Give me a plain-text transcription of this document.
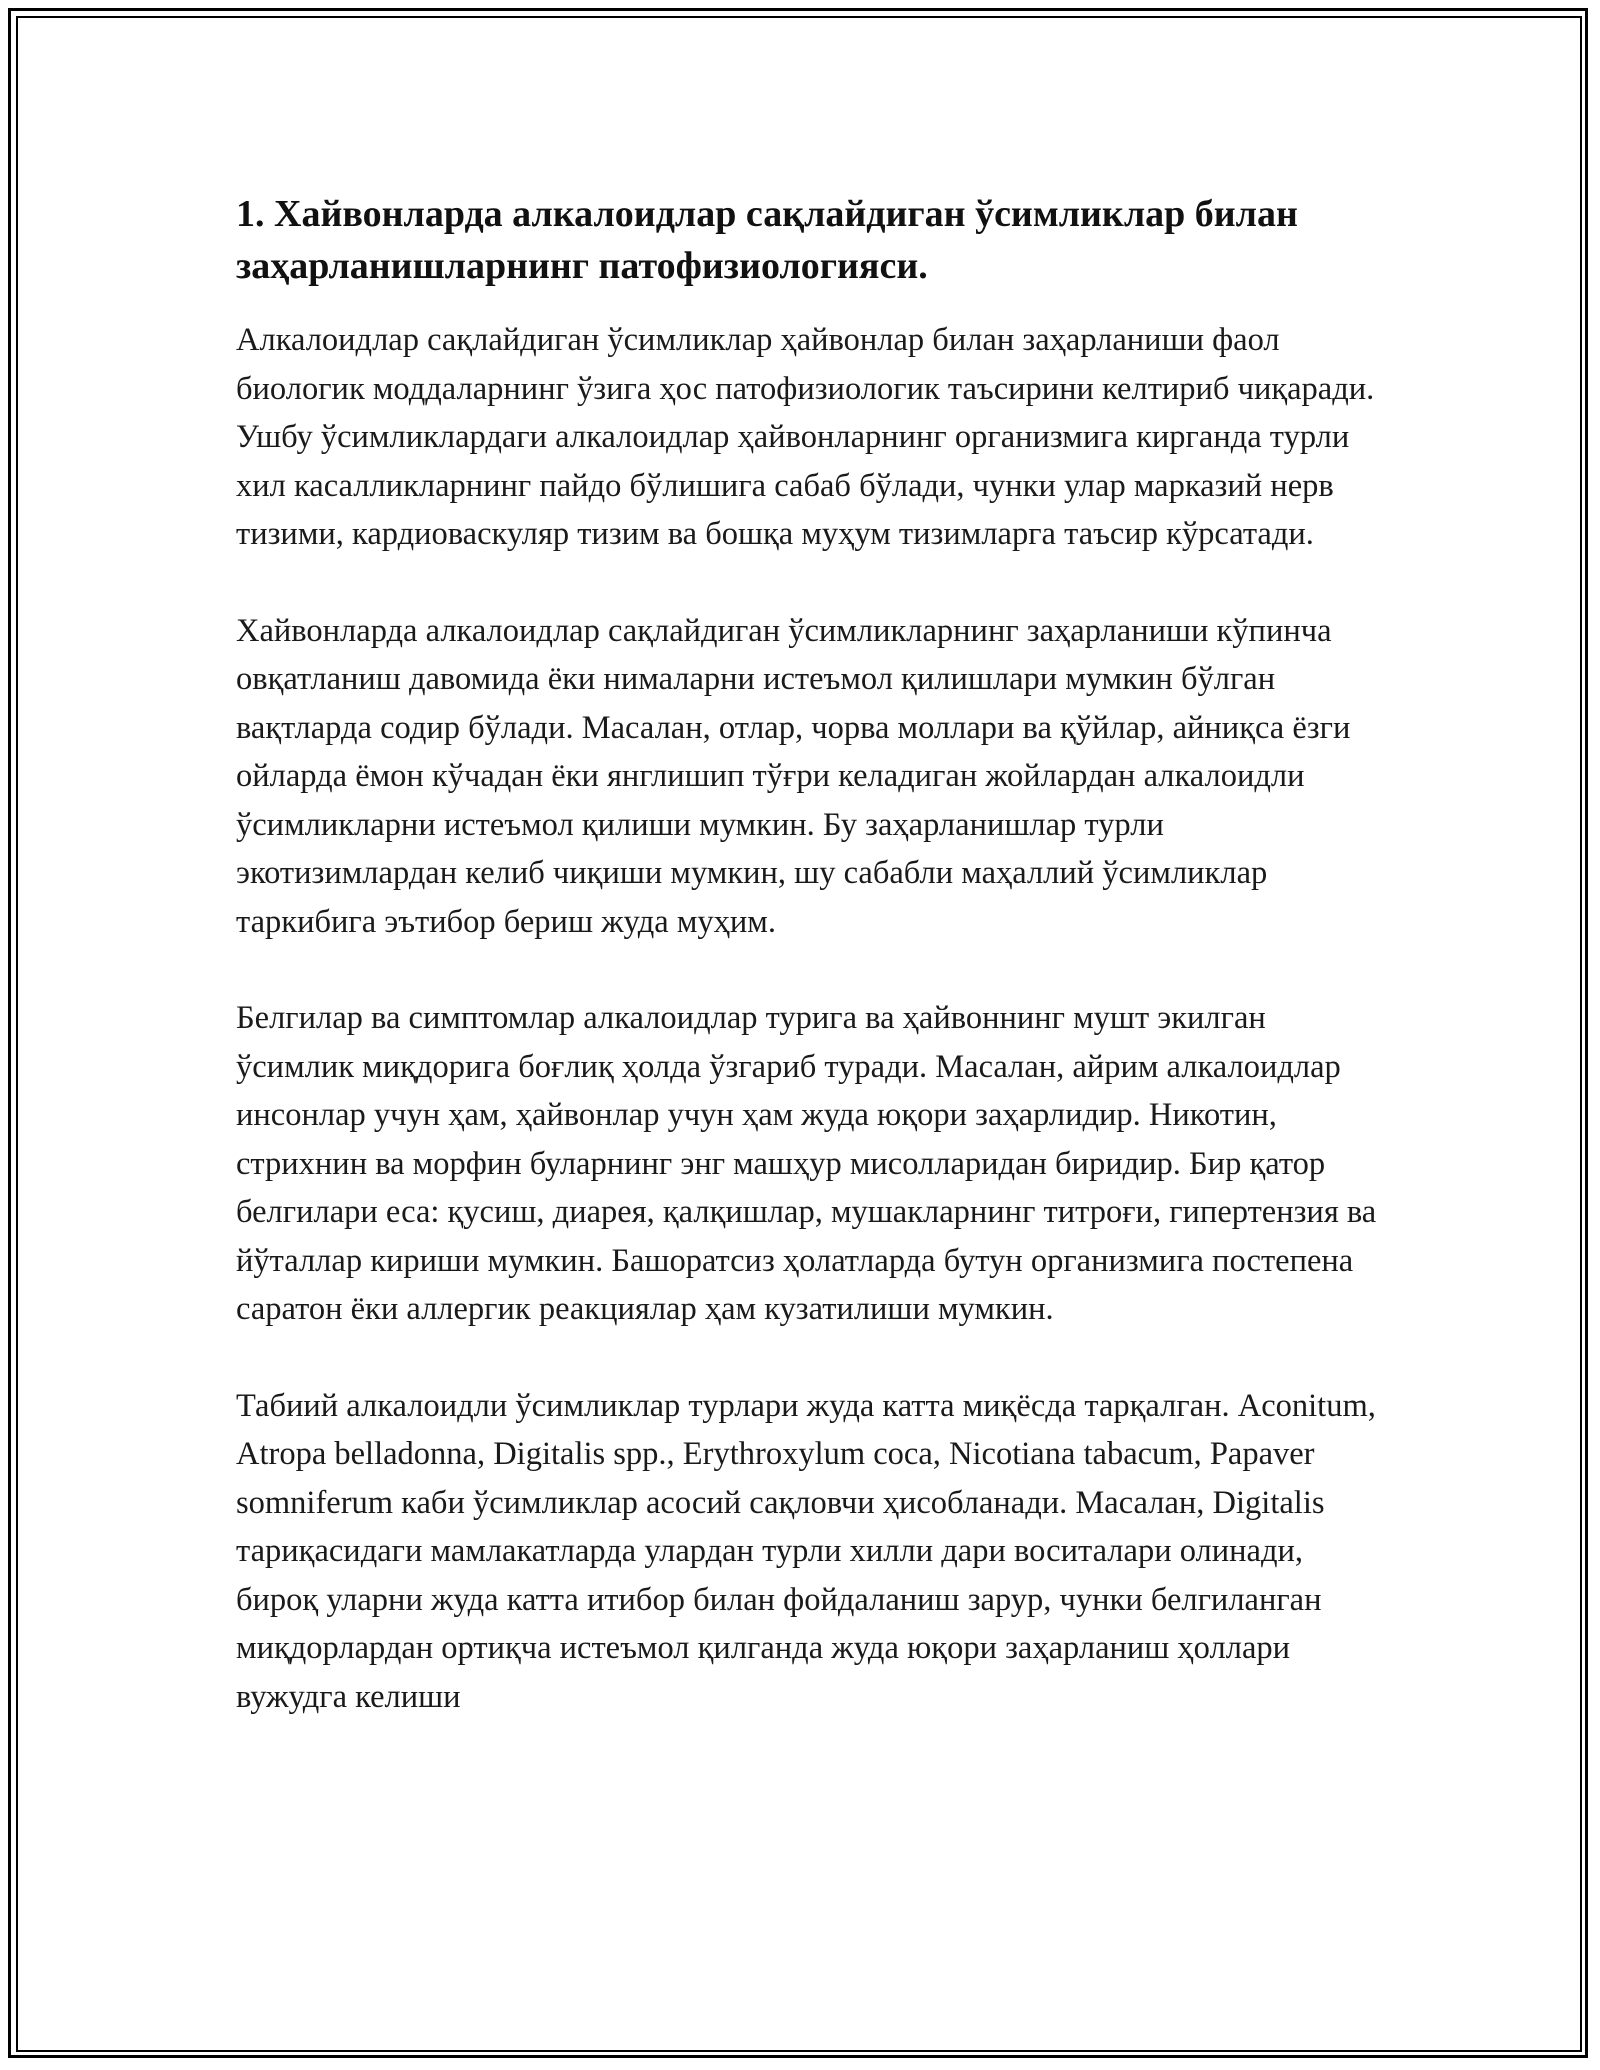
1. Хайвонларда алкалоидлар сақлайдиган ўсимликлар билан заҳарланишларнинг патофизиологияси.

Алкалоидлар сақлайдиган ўсимликлар ҳайвонлар билан заҳарланиши фаол биологик моддаларнинг ўзига ҳос патофизиологик таъсирини келтириб чиқаради. Ушбу ўсимликлардаги алкалоидлар ҳайвонларнинг организмига кирганда турли хил касалликларнинг пайдо бўлишига сабаб бўлади, чунки улар марказий нерв тизими, кардиоваскуляр тизим ва бошқа муҳум тизимларга таъсир кўрсатади.

Хайвонларда алкалоидлар сақлайдиган ўсимликларнинг заҳарланиши кўпинча овқатланиш давомида ёки нималарни истеъмол қилишлари мумкин бўлган вақтларда содир бўлади. Масалан, отлар, чорва моллари ва қўйлар, айниқса ёзги ойларда ёмон кўчадан ёки янглишип тўғри келадиган жойлардан алкалоидли ўсимликларни истеъмол қилиши мумкин. Бу заҳарланишлар турли экотизимлардан келиб чиқиши мумкин, шу сабабли маҳаллий ўсимликлар таркибига эътибор бериш жуда муҳим.

Белгилар ва симптомлар алкалоидлар турига ва ҳайвоннинг мушт экилган ўсимлик миқдорига боғлиқ ҳолда ўзгариб туради. Масалан, айрим алкалоидлар инсонлар учун ҳам, ҳайвонлар учун ҳам жуда юқори заҳарлидир. Никотин, стрихнин ва морфин буларнинг энг машҳур мисолларидан биридир. Бир қатор белгилари еса: қусиш, диарея, қалқишлар, мушакларнинг титроғи, гипертензия ва йўталлар кириши мумкин. Башоратсиз ҳолатларда бутун организмига постепена саратон ёки аллергик реакциялар ҳам кузатилиши мумкин.

Табиий алкалоидли ўсимликлар турлари жуда катта миқёсда тарқалган. Aconitum, Atropa belladonna, Digitalis spp., Erythroxylum coca, Nicotiana tabacum, Papaver somniferum каби ўсимликлар асосий сақловчи ҳисобланади. Масалан, Digitalis тариқасидаги мамлакатларда улардан турли хилли дари воситалари олинади, бироқ уларни жуда катта итибор билан фойдаланиш зарур, чунки белгиланган миқдорлардан ортиқча истеъмол қилганда жуда юқори заҳарланиш ҳоллари вужудга келиши
